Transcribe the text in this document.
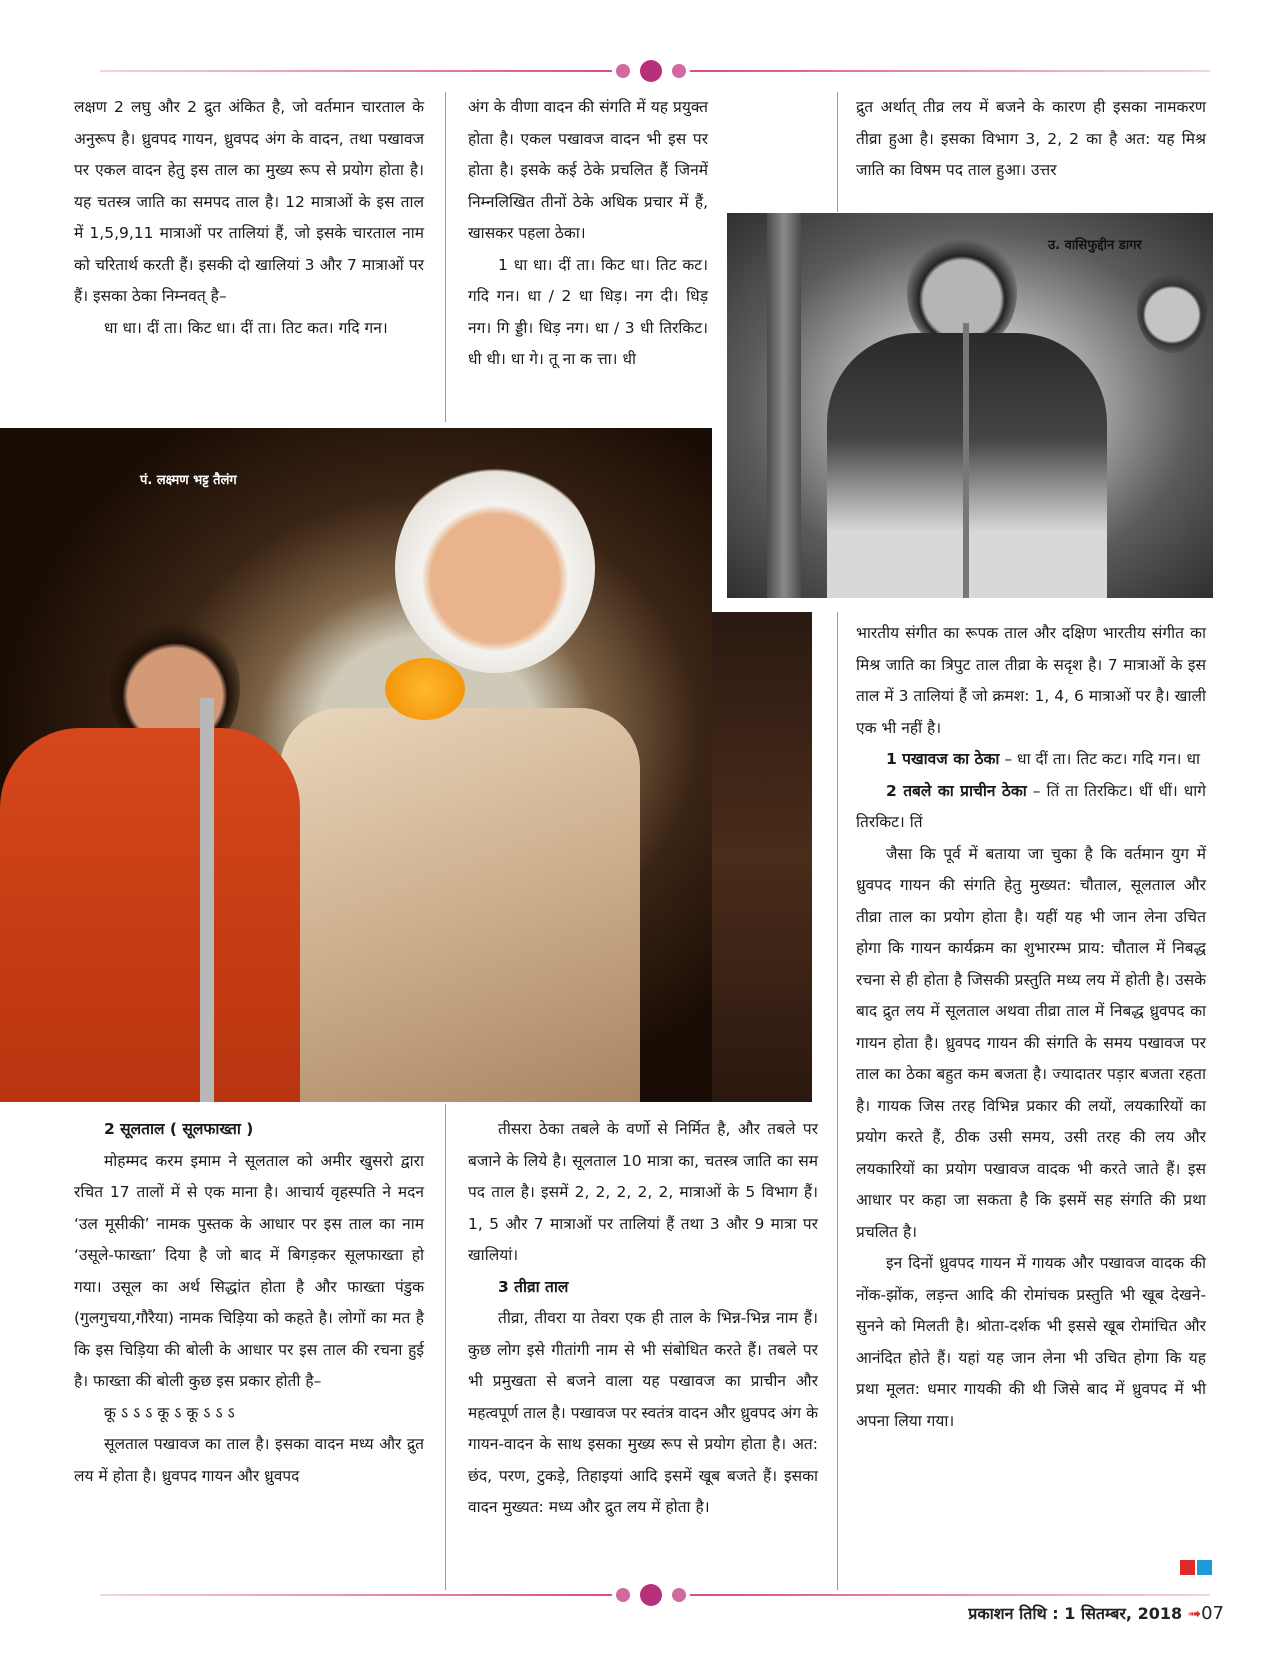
लक्षण 2 लघु और 2 द्रुत अंकित है, जो वर्तमान चारताल के अनुरूप है। ध्रुवपद गायन, ध्रुवपद अंग के वादन, तथा पखावज पर एकल वादन हेतु इस ताल का मुख्य रूप से प्रयोग होता है। यह चतस्त्र जाति का समपद ताल है। 12 मात्राओं के इस ताल में 1,5,9,11 मात्राओं पर तालियां हैं, जो इसके चारताल नाम को चरितार्थ करती हैं। इसकी दो खालियां 3 और 7 मात्राओं पर हैं। इसका ठेका निम्नवत् है–

धा धा। दीं ता। किट धा। दीं ता। तिट कत। गदि गन।

अंग के वीणा वादन की संगति में यह प्रयुक्त होता है। एकल पखावज वादन भी इस पर होता है। इसके कई ठेके प्रचलित हैं जिनमें निम्नलिखित तीनों ठेके अधिक प्रचार में हैं, खासकर पहला ठेका।

1 धा धा। दीं ता। किट धा। तिट कट। गदि गन। धा / 2 धा धिड़। नग दी। धिड़ नग। गि ड्डी। धिड़ नग। धा / 3 धी तिरकिट। धी धी। धा गे। तू ना क त्ता। धी

द्रुत अर्थात् तीव्र लय में बजने के कारण ही इसका नामकरण तीव्रा हुआ है। इसका विभाग 3, 2, 2 का है अत: यह मिश्र जाति का विषम पद ताल हुआ। उत्तर

पं. लक्ष्मण भट्ट तैलंग
उ. वासिफुद्दीन डागर

भारतीय संगीत का रूपक ताल और दक्षिण भारतीय संगीत का मिश्र जाति का त्रिपुट ताल तीव्रा के सदृश है। 7 मात्राओं के इस ताल में 3 तालियां हैं जो क्रमश: 1, 4, 6 मात्राओं पर है। खाली एक भी नहीं है।

1 पखावज का ठेका – धा दीं ता। तिट कट। गदि गन। धा

2 तबले का प्राचीन ठेका – तिं ता तिरकिट। धीं धीं। धागे तिरकिट। तिं

जैसा कि पूर्व में बताया जा चुका है कि वर्तमान युग में ध्रुवपद गायन की संगति हेतु मुख्यत: चौताल, सूलताल और तीव्रा ताल का प्रयोग होता है। यहीं यह भी जान लेना उचित होगा कि गायन कार्यक्रम का शुभारम्भ प्राय: चौताल में निबद्ध रचना से ही होता है जिसकी प्रस्तुति मध्य लय में होती है। उसके बाद द्रुत लय में सूलताल अथवा तीव्रा ताल में निबद्ध ध्रुवपद का गायन होता है। ध्रुवपद गायन की संगति के समय पखावज पर ताल का ठेका बहुत कम बजता है। ज्यादातर पड़ार बजता रहता है। गायक जिस तरह विभिन्न प्रकार की लयों, लयकारियों का प्रयोग करते हैं, ठीक उसी समय, उसी तरह की लय और लयकारियों का प्रयोग पखावज वादक भी करते जाते हैं। इस आधार पर कहा जा सकता है कि इसमें सह संगति की प्रथा प्रचलित है।

इन दिनों ध्रुवपद गायन में गायक और पखावज वादक की नोंक-झोंक, लड़न्त आदि की रोमांचक प्रस्तुति भी खूब देखने-सुनने को मिलती है। श्रोता-दर्शक भी इससे खूब रोमांचित और आनंदित होते हैं। यहां यह जान लेना भी उचित होगा कि यह प्रथा मूलत: धमार गायकी की थी जिसे बाद में ध्रुवपद में भी अपना लिया गया।

2 सूलताल ( सूलफाख्ता )

मोहम्मद करम इमाम ने सूलताल को अमीर खुसरो द्वारा रचित 17 तालों में से एक माना है। आचार्य वृहस्पति ने मदन ‘उल मूसीकी’ नामक पुस्तक के आधार पर इस ताल का नाम ‘उसूले-फाख्ता’ दिया है जो बाद में बिगड़कर सूलफाख्ता हो गया। उसूल का अर्थ सिद्धांत होता है और फाख्ता पंडुक (गुलगुचया,गौरैया) नामक चिड़िया को कहते है। लोगों का मत है कि इस चिड़िया की बोली के आधार पर इस ताल की रचना हुई है। फाख्ता की बोली कुछ इस प्रकार होती है–

कू ऽ ऽ ऽ कू ऽ कू ऽ ऽ ऽ

सूलताल पखावज का ताल है। इसका वादन मध्य और द्रुत लय में होता है। ध्रुवपद गायन और ध्रुवपद

तीसरा ठेका तबले के वर्णो से निर्मित है, और तबले पर बजाने के लिये है। सूलताल 10 मात्रा का, चतस्त्र जाति का सम पद ताल है। इसमें 2, 2, 2, 2, 2, मात्राओं के 5 विभाग हैं। 1, 5 और 7 मात्राओं पर तालियां हैं तथा 3 और 9 मात्रा पर खालियां।

3 तीव्रा ताल

तीव्रा, तीवरा या तेवरा एक ही ताल के भिन्न-भिन्न नाम हैं। कुछ लोग इसे गीतांगी नाम से भी संबोधित करते हैं। तबले पर भी प्रमुखता से बजने वाला यह पखावज का प्राचीन और महत्वपूर्ण ताल है। पखावज पर स्वतंत्र वादन और ध्रुवपद अंग के गायन-वादन के साथ इसका मुख्य रूप से प्रयोग होता है। अत: छंद, परण, टुकड़े, तिहाइयां आदि इसमें खूब बजते हैं। इसका वादन मुख्यत: मध्य और द्रुत लय में होता है।

प्रकाशन तिथि : 1 सितम्बर, 2018 ➟07
